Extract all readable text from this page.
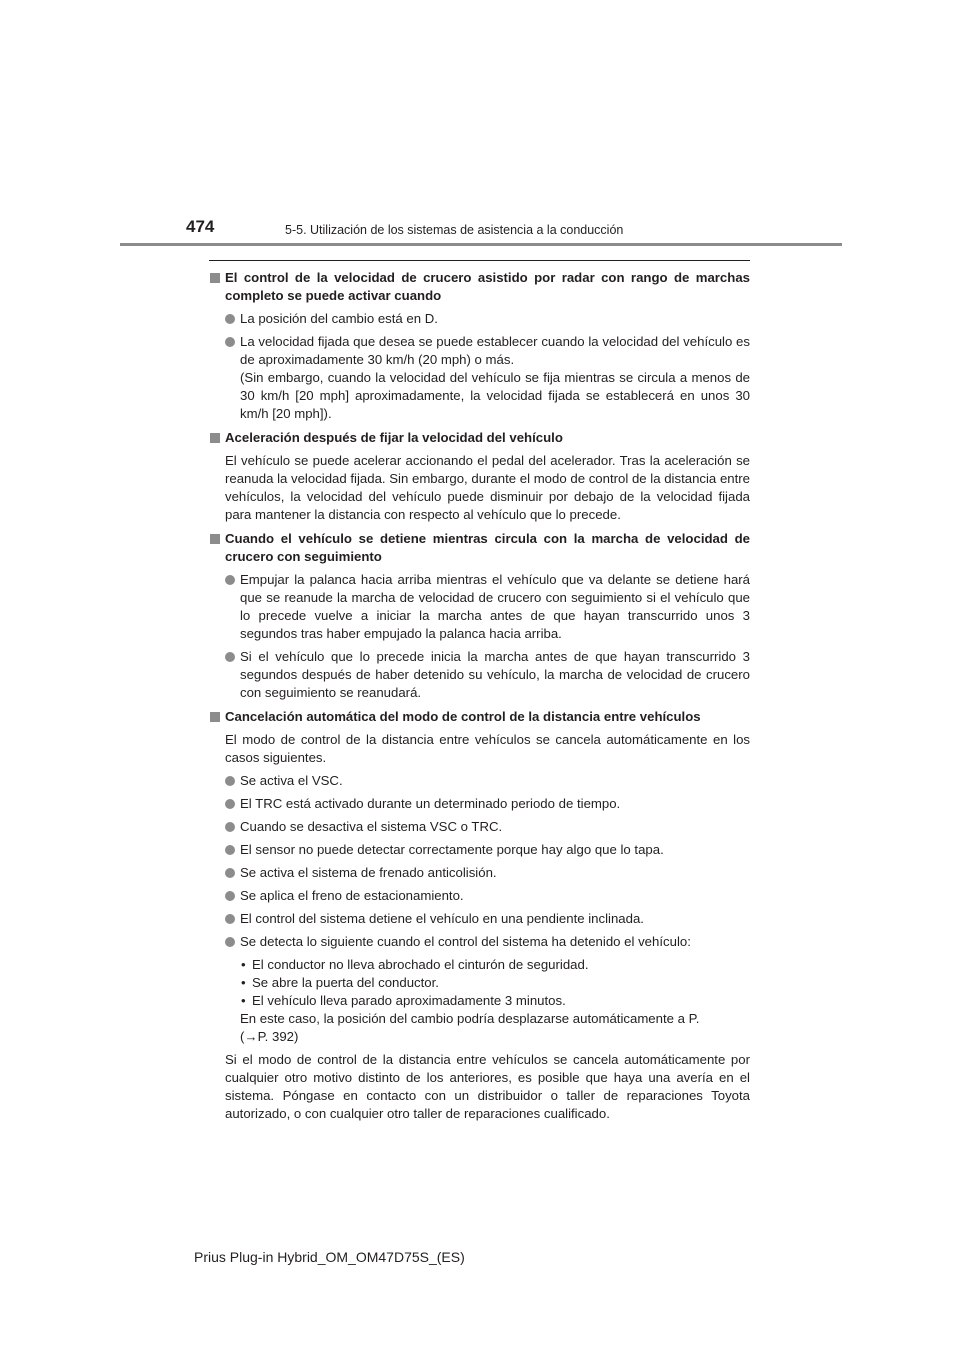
474	5-5. Utilización de los sistemas de asistencia a la conducción
El control de la velocidad de crucero asistido por radar con rango de marchas completo se puede activar cuando
La posición del cambio está en D.
La velocidad fijada que desea se puede establecer cuando la velocidad del vehículo es de aproximadamente 30 km/h (20 mph) o más.
(Sin embargo, cuando la velocidad del vehículo se fija mientras se circula a menos de 30 km/h [20 mph] aproximadamente, la velocidad fijada se establecerá en unos 30 km/h [20 mph]).
Aceleración después de fijar la velocidad del vehículo
El vehículo se puede acelerar accionando el pedal del acelerador. Tras la aceleración se reanuda la velocidad fijada. Sin embargo, durante el modo de control de la distancia entre vehículos, la velocidad del vehículo puede disminuir por debajo de la velocidad fijada para mantener la distancia con respecto al vehículo que lo precede.
Cuando el vehículo se detiene mientras circula con la marcha de velocidad de crucero con seguimiento
Empujar la palanca hacia arriba mientras el vehículo que va delante se detiene hará que se reanude la marcha de velocidad de crucero con seguimiento si el vehículo que lo precede vuelve a iniciar la marcha antes de que hayan transcurrido unos 3 segundos tras haber empujado la palanca hacia arriba.
Si el vehículo que lo precede inicia la marcha antes de que hayan transcurrido 3 segundos después de haber detenido su vehículo, la marcha de velocidad de crucero con seguimiento se reanudará.
Cancelación automática del modo de control de la distancia entre vehículos
El modo de control de la distancia entre vehículos se cancela automáticamente en los casos siguientes.
Se activa el VSC.
El TRC está activado durante un determinado periodo de tiempo.
Cuando se desactiva el sistema VSC o TRC.
El sensor no puede detectar correctamente porque hay algo que lo tapa.
Se activa el sistema de frenado anticolisión.
Se aplica el freno de estacionamiento.
El control del sistema detiene el vehículo en una pendiente inclinada.
Se detecta lo siguiente cuando el control del sistema ha detenido el vehículo:
• El conductor no lleva abrochado el cinturón de seguridad.
• Se abre la puerta del conductor.
• El vehículo lleva parado aproximadamente 3 minutos.
En este caso, la posición del cambio podría desplazarse automáticamente a P.
(→P. 392)
Si el modo de control de la distancia entre vehículos se cancela automáticamente por cualquier otro motivo distinto de los anteriores, es posible que haya una avería en el sistema. Póngase en contacto con un distribuidor o taller de reparaciones Toyota autorizado, o con cualquier otro taller de reparaciones cualificado.
Prius Plug-in Hybrid_OM_OM47D75S_(ES)
